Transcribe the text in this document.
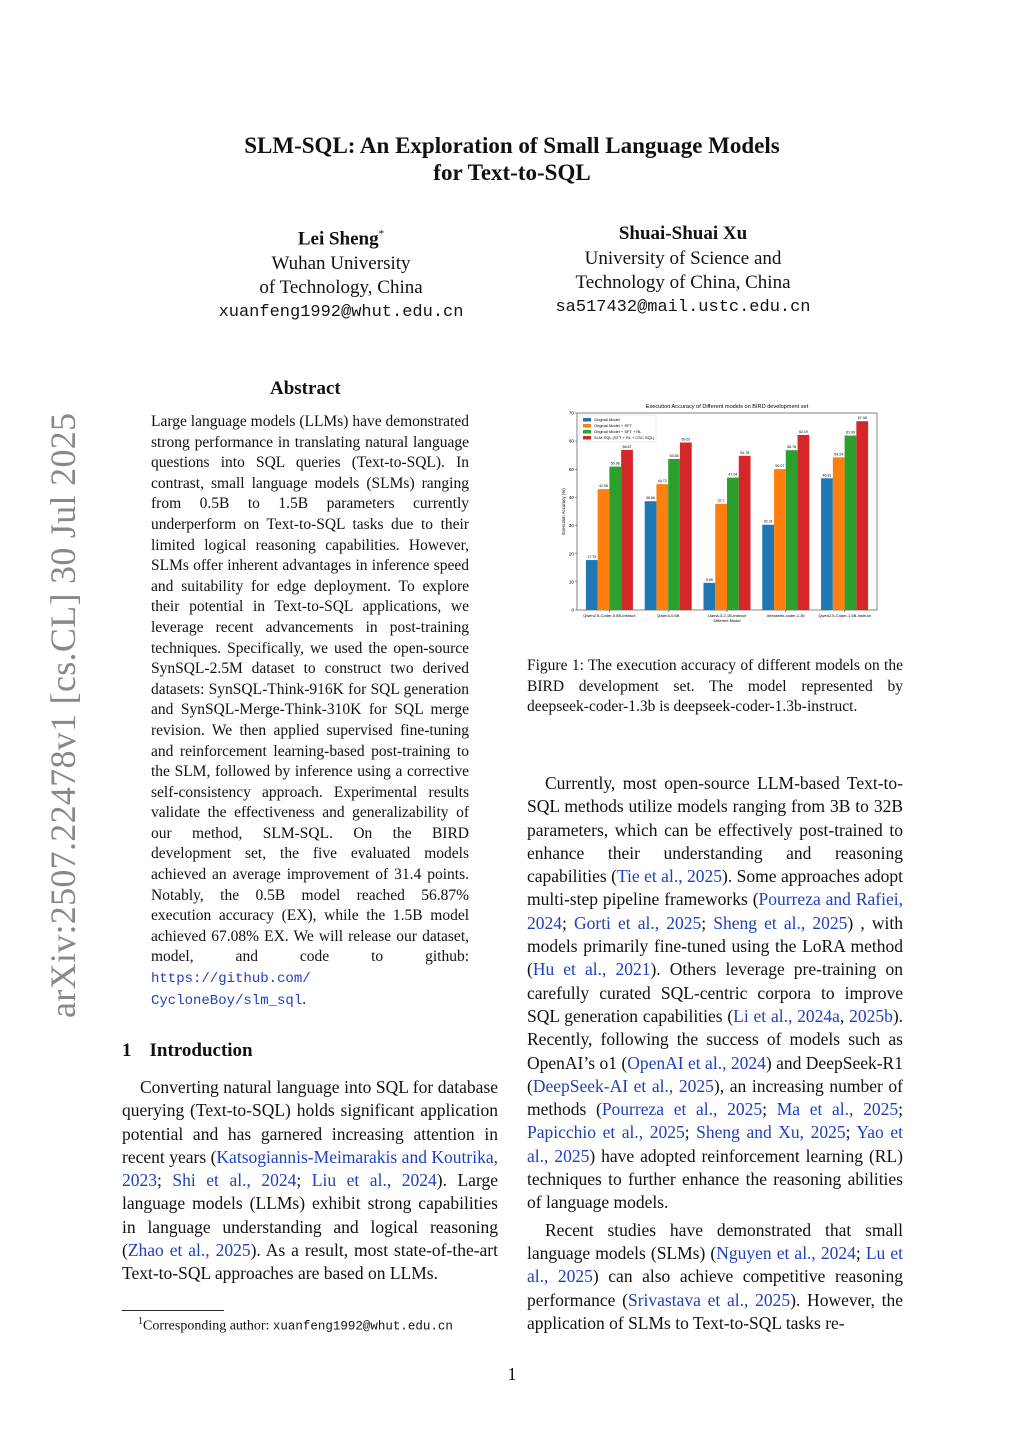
SLM-SQL: An Exploration of Small Language Models
for Text-to-SQL
Lei Sheng*
Wuhan University
of Technology, China
xuanfeng1992@whut.edu.cn
Shuai-Shuai Xu
University of Science and
Technology of China, China
sa517432@mail.ustc.edu.cn
arXiv:2507.22478v1 [cs.CL] 30 Jul 2025
Abstract
Large language models (LLMs) have demonstrated strong performance in translating natural language questions into SQL queries (Text-to-SQL). In contrast, small language models (SLMs) ranging from 0.5B to 1.5B parameters currently underperform on Text-to-SQL tasks due to their limited logical reasoning capabilities. However, SLMs offer inherent advantages in inference speed and suitability for edge deployment. To explore their potential in Text-to-SQL applications, we leverage recent advancements in post-training techniques. Specifically, we used the open-source SynSQL-2.5M dataset to construct two derived datasets: SynSQL-Think-916K for SQL generation and SynSQL-Merge-Think-310K for SQL merge revision. We then applied supervised fine-tuning and reinforcement learning-based post-training to the SLM, followed by inference using a corrective self-consistency approach. Experimental results validate the effectiveness and generalizability of our method, SLM-SQL. On the BIRD development set, the five evaluated models achieved an average improvement of 31.4 points. Notably, the 0.5B model reached 56.87% execution accuracy (EX), while the 1.5B model achieved 67.08% EX. We will release our dataset, model, and code to github: https://github.com/ CycloneBoy/slm_sql.
1 Introduction

Converting natural language into SQL for database querying (Text-to-SQL) holds significant application potential and has garnered increasing attention in recent years (Katsogiannis-Meimarakis and Koutrika, 2023; Shi et al., 2024; Liu et al., 2024). Large language models (LLMs) exhibit strong capabilities in language understanding and logical reasoning (Zhao et al., 2025). As a result, most state-of-the-art Text-to-SQL approaches are based on LLMs.

$^1$Corresponding author: xuanfeng1992@whut.edu.cn
Execution Accuracy of Different models on BIRD development set
0
10
20
30
40
50
60
70
Execution Accuracy (%)
17.75
42.96
50.96
56.87
Qwen2.5-Coder-0.5B-Instruct
38.66
44.72
53.65
59.52
Qwen3-0.6B
9.65
37.7
47.04
54.78
Llama-3.2-1B-Instruct
30.31
50.07
56.78
62.19
deepseek-coder-1.3b
46.81
54.24
61.99
67.08
Qwen2.5-Coder-1.5B-Instruct
Different Model
Original Model
Original Model + SFT
Original Model + SFT + RL
SLM-SQL (SFT + RL + CSC SQL)
Figure 1: The execution accuracy of different models on the BIRD development set. The model represented by deepseek-coder-1.3b is deepseek-coder-1.3b-instruct.

Currently, most open-source LLM-based Text-to-SQL methods utilize models ranging from 3B to 32B parameters, which can be effectively post-trained to enhance their understanding and reasoning capabilities (Tie et al., 2025). Some approaches adopt multi-step pipeline frameworks (Pourreza and Rafiei, 2024; Gorti et al., 2025; Sheng et al., 2025) , with models primarily fine-tuned using the LoRA method (Hu et al., 2021). Others leverage pre-training on carefully curated SQL-centric corpora to improve SQL generation capabilities (Li et al., 2024a, 2025b). Recently, following the success of models such as OpenAI’s o1 (OpenAI et al., 2024) and DeepSeek-R1 (DeepSeek-AI et al., 2025), an increasing number of methods (Pourreza et al., 2025; Ma et al., 2025; Papicchio et al., 2025; Sheng and Xu, 2025; Yao et al., 2025) have adopted reinforcement learning (RL) techniques to further enhance the reasoning abilities of language models.

Recent studies have demonstrated that small language models (SLMs) (Nguyen et al., 2024; Lu et al., 2025) can also achieve competitive reasoning performance (Srivastava et al., 2025). However, the application of SLMs to Text-to-SQL tasks re-

1
